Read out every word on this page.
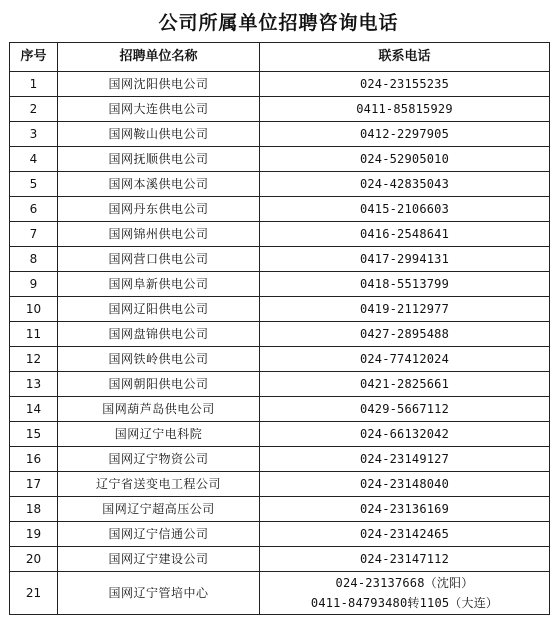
公司所属单位招聘咨询电话
序号	招聘单位名称	联系电话
1	国网沈阳供电公司	024-23155235
2	国网大连供电公司	0411-85815929
3	国网鞍山供电公司	0412-2297905
4	国网抚顺供电公司	024-52905010
5	国网本溪供电公司	024-42835043
6	国网丹东供电公司	0415-2106603
7	国网锦州供电公司	0416-2548641
8	国网营口供电公司	0417-2994131
9	国网阜新供电公司	0418-5513799
10	国网辽阳供电公司	0419-2112977
11	国网盘锦供电公司	0427-2895488
12	国网铁岭供电公司	024-77412024
13	国网朝阳供电公司	0421-2825661
14	国网葫芦岛供电公司	0429-5667112
15	国网辽宁电科院	024-66132042
16	国网辽宁物资公司	024-23149127
17	辽宁省送变电工程公司	024-23148040
18	国网辽宁超高压公司	024-23136169
19	国网辽宁信通公司	024-23142465
20	国网辽宁建设公司	024-23147112
21	国网辽宁管培中心	024-23137668（沈阳）
0411-84793480转1105（大连）
